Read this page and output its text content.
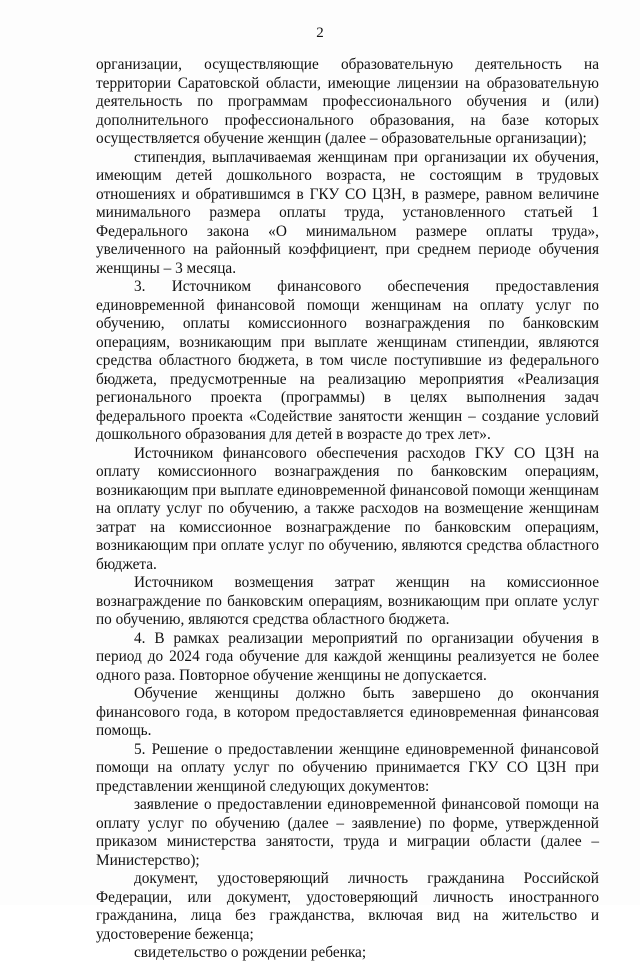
2

организации, осуществляющие образовательную деятельность на территории Саратовской области, имеющие лицензии на образовательную деятельность по программам профессионального обучения и (или) дополнительного профессионального образования, на базе которых осуществляется обучение женщин (далее – образовательные организации);

стипендия, выплачиваемая женщинам при организации их обучения, имеющим детей дошкольного возраста, не состоящим в трудовых отношениях и обратившимся в ГКУ СО ЦЗН, в размере, равном величине минимального размера оплаты труда, установленного статьей 1 Федерального закона «О минимальном размере оплаты труда», увеличенного на районный коэффициент, при среднем периоде обучения женщины – 3 месяца.

3. Источником финансового обеспечения предоставления единовременной финансовой помощи женщинам на оплату услуг по обучению, оплаты комиссионного вознаграждения по банковским операциям, возникающим при выплате женщинам стипендии, являются средства областного бюджета, в том числе поступившие из федерального бюджета, предусмотренные на реализацию мероприятия «Реализация регионального проекта (программы) в целях выполнения задач федерального проекта «Содействие занятости женщин – создание условий дошкольного образования для детей в возрасте до трех лет».

Источником финансового обеспечения расходов ГКУ СО ЦЗН на оплату комиссионного вознаграждения по банковским операциям, возникающим при выплате единовременной финансовой помощи женщинам на оплату услуг по обучению, а также расходов на возмещение женщинам затрат на комиссионное вознаграждение по банковским операциям, возникающим при оплате услуг по обучению, являются средства областного бюджета.

Источником возмещения затрат женщин на комиссионное вознаграждение по банковским операциям, возникающим при оплате услуг по обучению, являются средства областного бюджета.

4. В рамках реализации мероприятий по организации обучения в период до 2024 года обучение для каждой женщины реализуется не более одного раза. Повторное обучение женщины не допускается.

Обучение женщины должно быть завершено до окончания финансового года, в котором предоставляется единовременная финансовая помощь.

5. Решение о предоставлении женщине единовременной финансовой помощи на оплату услуг по обучению принимается ГКУ СО ЦЗН при представлении женщиной следующих документов:

заявление о предоставлении единовременной финансовой помощи на оплату услуг по обучению (далее – заявление) по форме, утвержденной приказом министерства занятости, труда и миграции области (далее – Министерство);

документ, удостоверяющий личность гражданина Российской Федерации, или документ, удостоверяющий личность иностранного гражданина, лица без гражданства, включая вид на жительство и удостоверение беженца;

свидетельство о рождении ребенка;
